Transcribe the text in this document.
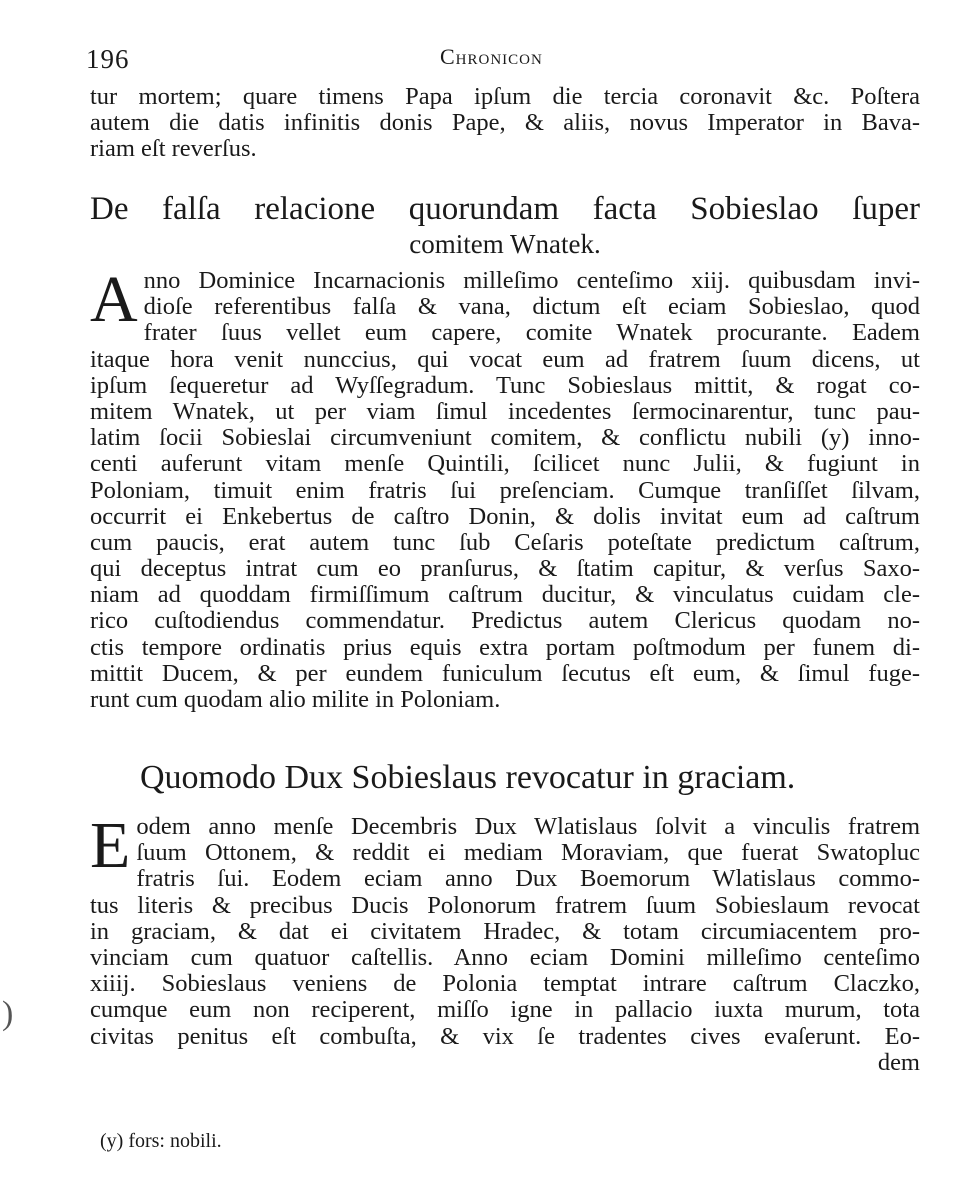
196	Chronicon
tur mortem; quare timens Papa ipſum die tercia coronavit &c. Poſtera
autem die datis infinitis donis Pape, & aliis, novus Imperator in Bava-
riam eſt reverſus.
De falſa relacione quorundam facta Sobieslao ſuper
comitem Wnatek.
A nno Dominice Incarnacionis milleſimo centeſimo xiij. quibusdam invi-
dioſe referentibus falſa & vana, dictum eſt eciam Sobieslao, quod
frater ſuus vellet eum capere, comite Wnatek procurante. Eadem
itaque hora venit nunccius, qui vocat eum ad fratrem ſuum dicens, ut
ipſum ſequeretur ad Wyſſegradum. Tunc Sobieslaus mittit, & rogat co-
mitem Wnatek, ut per viam ſimul incedentes ſermocinarentur, tunc pau-
latim ſocii Sobieslai circumveniunt comitem, & conflictu nubili (y) inno-
centi auferunt vitam menſe Quintili, ſcilicet nunc Julii, & fugiunt in
Poloniam, timuit enim fratris ſui preſenciam. Cumque tranſiſſet ſilvam,
occurrit ei Enkebertus de caſtro Donin, & dolis invitat eum ad caſtrum
cum paucis, erat autem tunc ſub Ceſaris poteſtate predictum caſtrum,
qui deceptus intrat cum eo pranſurus, & ſtatim capitur, & verſus Saxo-
niam ad quoddam firmiſſimum caſtrum ducitur, & vinculatus cuidam cle-
rico cuſtodiendus commendatur. Predictus autem Clericus quodam no-
ctis tempore ordinatis prius equis extra portam poſtmodum per funem di-
mittit Ducem, & per eundem funiculum ſecutus eſt eum, & ſimul fuge-
runt cum quodam alio milite in Poloniam.
Quomodo Dux Sobieslaus revocatur in graciam.
E odem anno menſe Decembris Dux Wlatislaus ſolvit a vinculis fratrem
ſuum Ottonem, & reddit ei mediam Moraviam, que fuerat Swatopluc
fratris ſui. Eodem eciam anno Dux Boemorum Wlatislaus commo-
tus literis & precibus Ducis Polonorum fratrem ſuum Sobieslaum revocat
in graciam, & dat ei civitatem Hradec, & totam circumiacentem pro-
vinciam cum quatuor caſtellis. Anno eciam Domini milleſimo centeſimo
xiiij. Sobieslaus veniens de Polonia temptat intrare caſtrum Claczko,
cumque eum non reciperent, miſſo igne in pallacio iuxta murum, tota
civitas penitus eſt combuſta, & vix ſe tradentes cives evaſerunt. Eo-
dem
(y) fors: nobili.
)
